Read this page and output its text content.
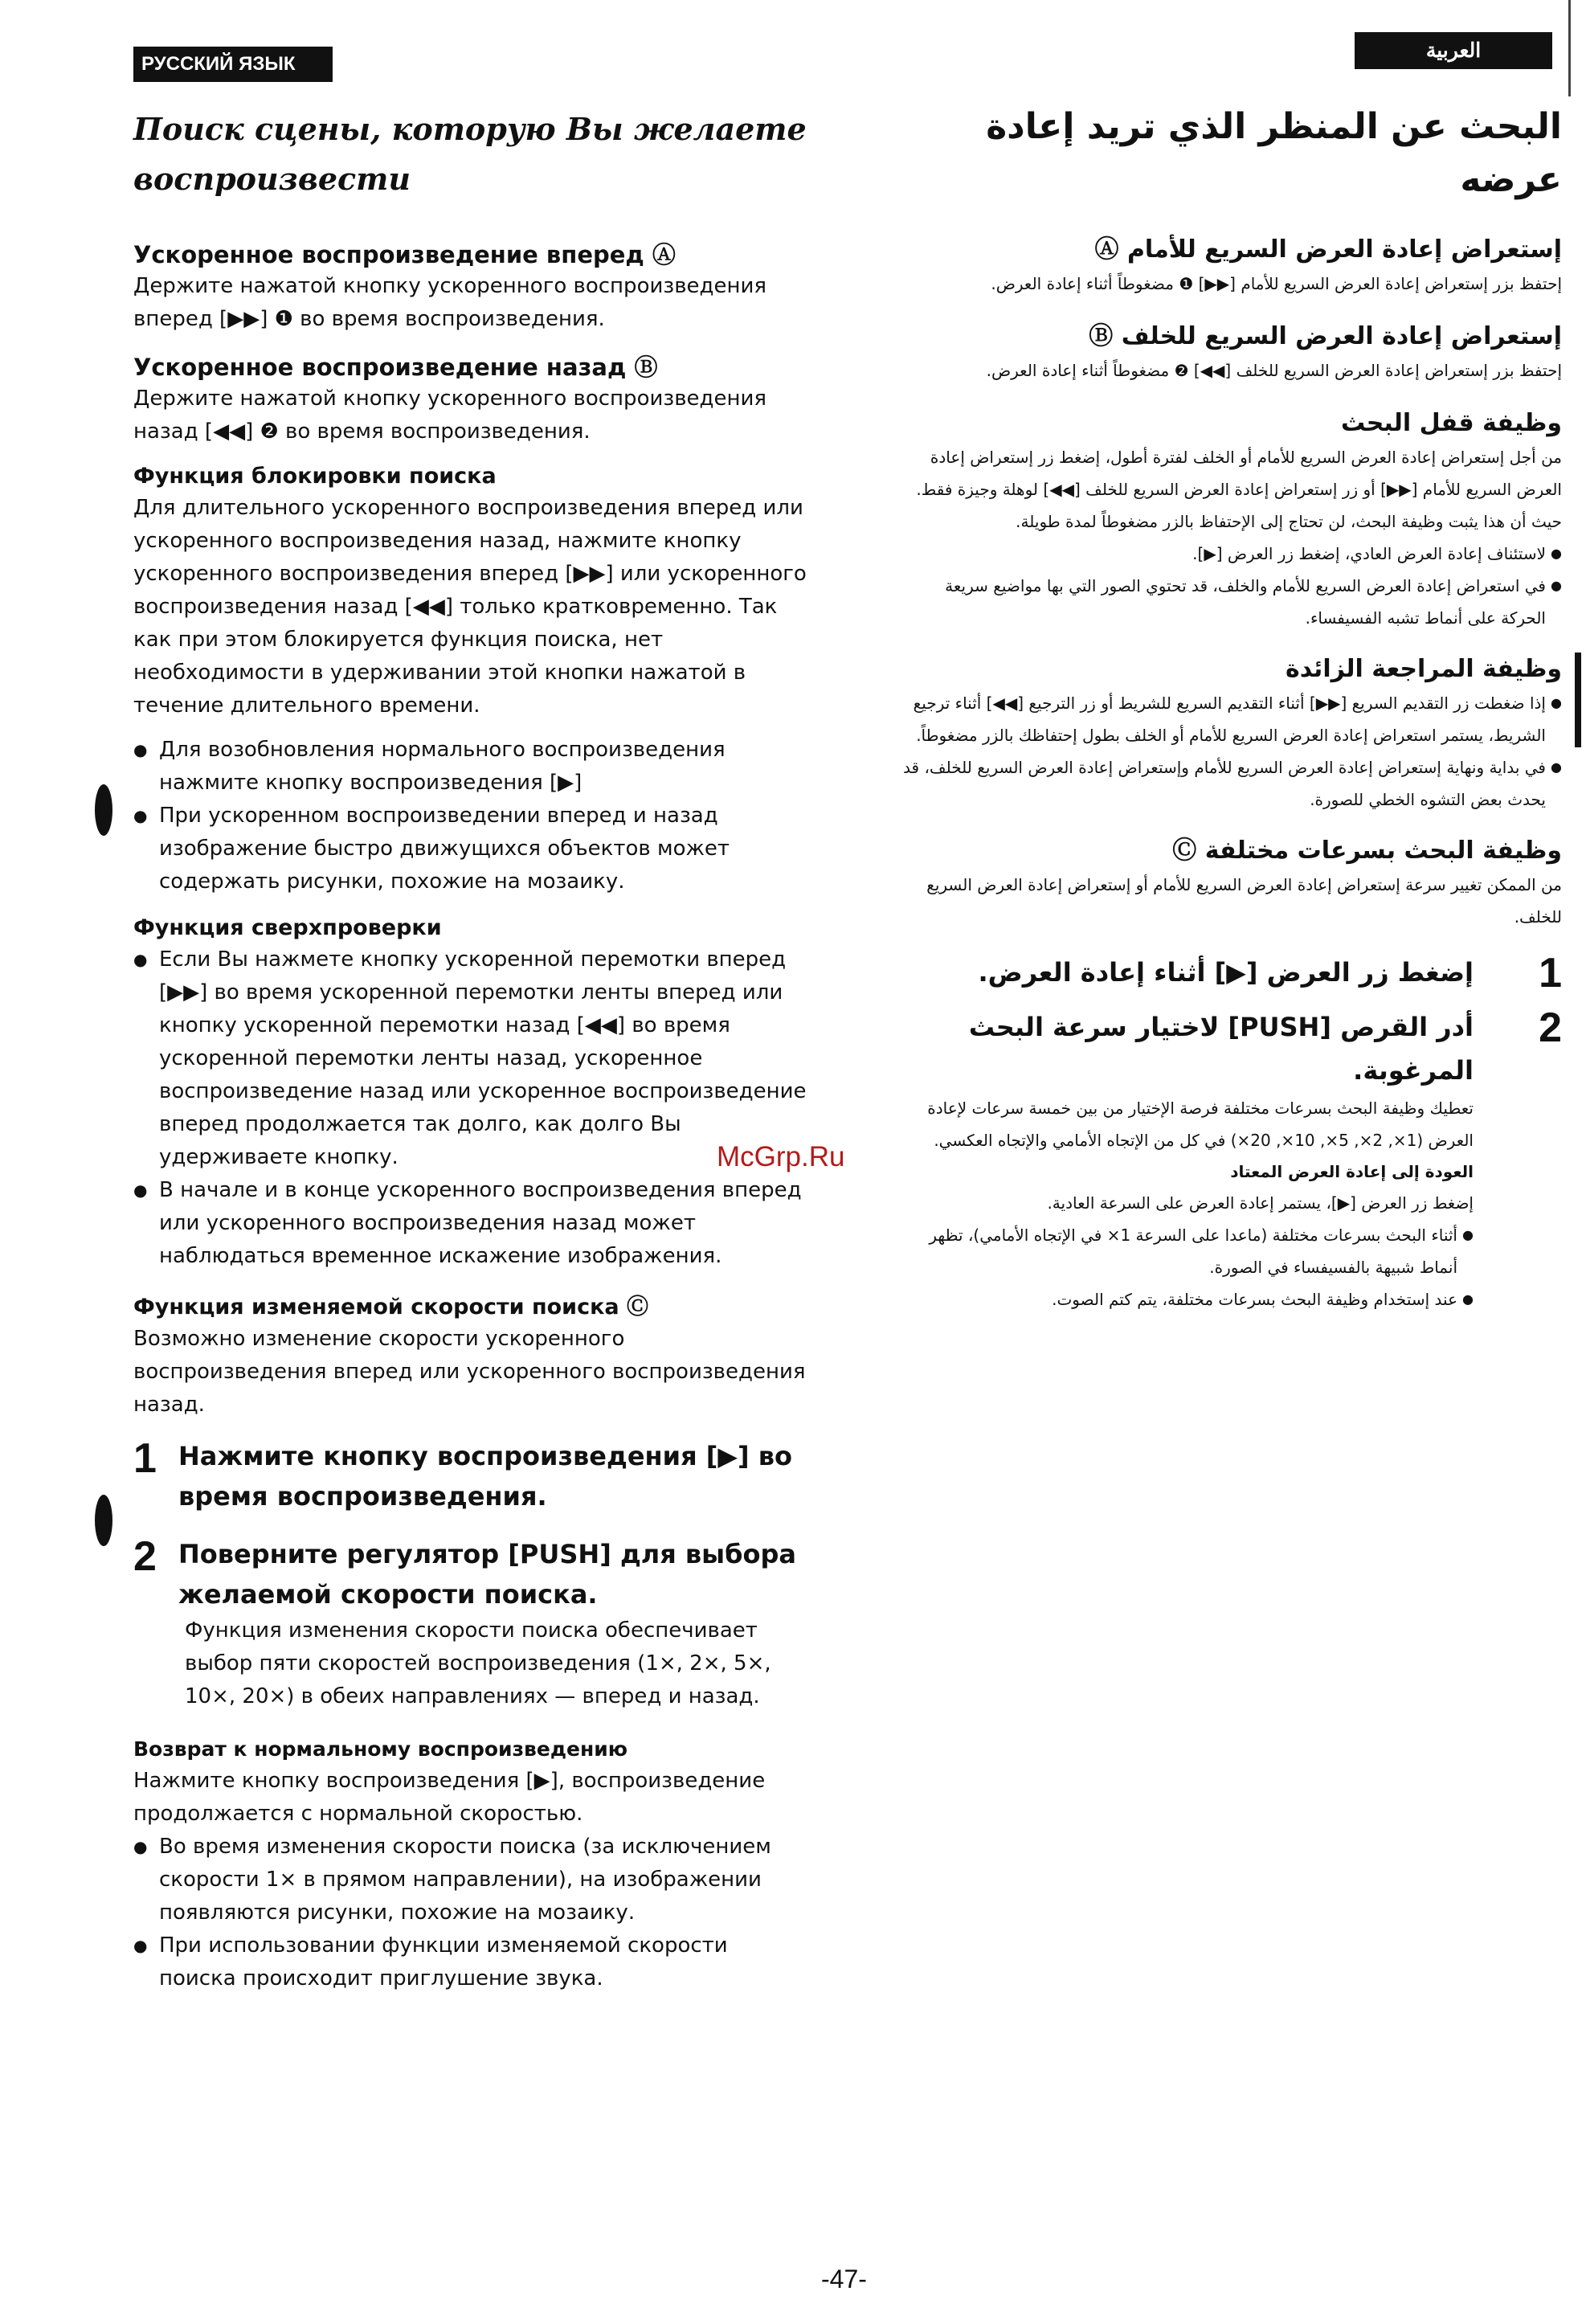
РУССКИЙ ЯЗЫК
العربية
Поиск сцены, которую Вы желаете воспроизвести
Ускоренное воспроизведение вперед Ⓐ

Держите нажатой кнопку ускоренного воспроизведения вперед [▶▶] ❶ во время воспроизведения.

Ускоренное воспроизведение назад Ⓑ

Держите нажатой кнопку ускоренного воспроизведения назад [◀◀] ❷ во время воспроизведения.

Функция блокировки поиска

Для длительного ускоренного воспроизведения вперед или ускоренного воспроизведения назад, нажмите кнопку ускоренного воспроизведения вперед [▶▶] или ускоренного воспроизведения назад [◀◀] только кратковременно. Так как при этом блокируется функция поиска, нет необходимости в удерживании этой кнопки нажатой в течение длительного времени.

● Для возобновления нормального воспроизведения нажмите кнопку воспроизведения [▶]
● При ускоренном воспроизведении вперед и назад изображение быстро движущихся объектов может содержать рисунки, похожие на мозаику.
Функция сверхпроверки
● Если Вы нажмете кнопку ускоренной перемотки вперед [▶▶] во время ускоренной перемотки ленты вперед или кнопку ускоренной перемотки назад [◀◀] во время ускоренной перемотки ленты назад, ускоренное воспроизведение назад или ускоренное воспроизведение вперед продолжается так долго, как долго Вы удерживаете кнопку.
● В начале и в конце ускоренного воспроизведения вперед или ускоренного воспроизведения назад может наблюдаться временное искажение изображения.
Функция изменяемой скорости поиска Ⓒ

Возможно изменение скорости ускоренного воспроизведения вперед или ускоренного воспроизведения назад.

1 Нажмите кнопку воспроизведения [▶] во время воспроизведения.
2 Поверните регулятор [PUSH] для выбора желаемой скорости поиска.

Функция изменения скорости поиска обеспечивает выбор пяти скоростей воспроизведения (1×, 2×, 5×, 10×, 20×) в обеих направлениях — вперед и назад.

Возврат к нормальному воспроизведению

Нажмите кнопку воспроизведения [▶], воспроизведение продолжается с нормальной скоростью.

● Во время изменения скорости поиска (за исключением скорости 1× в прямом направлении), на изображении появляются рисунки, похожие на мозаику.
● При использовании функции изменяемой скорости поиска происходит приглушение звука.
البحث عن المنظر الذي تريد إعادة عرضه
إستعراض إعادة العرض السريع للأمام Ⓐ

إحتفظ بزر إستعراض إعادة العرض السريع للأمام [▶▶] ❶ مضغوطاً أثناء إعادة العرض.

إستعراض إعادة العرض السريع للخلف Ⓑ

إحتفظ بزر إستعراض إعادة العرض السريع للخلف [◀◀] ❷ مضغوطاً أثناء إعادة العرض.

وظيفة قفل البحث

من أجل إستعراض إعادة العرض السريع للأمام أو الخلف لفترة أطول، إضغط زر إستعراض إعادة العرض السريع للأمام [▶▶] أو زر إستعراض إعادة العرض السريع للخلف [◀◀] لوهلة وجيزة فقط. حيث أن هذا يثبت وظيفة البحث، لن تحتاج إلى الإحتفاظ بالزر مضغوطاً لمدة طويلة.

● لاستئناف إعادة العرض العادي، إضغط زر العرض [▶].
● في استعراض إعادة العرض السريع للأمام والخلف، قد تحتوي الصور التي بها مواضيع سريعة الحركة على أنماط تشبه الفسيفساء.
وظيفة المراجعة الزائدة
● إذا ضغطت زر التقديم السريع [▶▶] أثناء التقديم السريع للشريط أو زر الترجيع [◀◀] أثناء ترجيع الشريط، يستمر استعراض إعادة العرض السريع للأمام أو الخلف بطول إحتفاظك بالزر مضغوطاً.
● في بداية ونهاية إستعراض إعادة العرض السريع للأمام وإستعراض إعادة العرض السريع للخلف، قد يحدث بعض التشوه الخطي للصورة.
وظيفة البحث بسرعات مختلفة Ⓒ

من الممكن تغيير سرعة إستعراض إعادة العرض السريع للأمام أو إستعراض إعادة العرض السريع للخلف.

1
إضغط زر العرض [▶] أثناء إعادة العرض.
2
أدر القرص [PUSH] لاختيار سرعة البحث المرغوبة.

تعطيك وظيفة البحث بسرعات مختلفة فرصة الإختيار من بين خمسة سرعات لإعادة العرض (1×, 2×, 5×, 10×, 20×) في كل من الإتجاه الأمامي والإتجاه العكسي.

العودة إلى إعادة العرض المعتاد

إضغط زر العرض [▶]، يستمر إعادة العرض على السرعة العادية.

● أثناء البحث بسرعات مختلفة (ماعدا على السرعة 1× في الإتجاه الأمامي)، تظهر أنماط شبيهة بالفسيفساء في الصورة.
● عند إستخدام وظيفة البحث بسرعات مختلفة، يتم كتم الصوت.
McGrp.Ru
-47-
